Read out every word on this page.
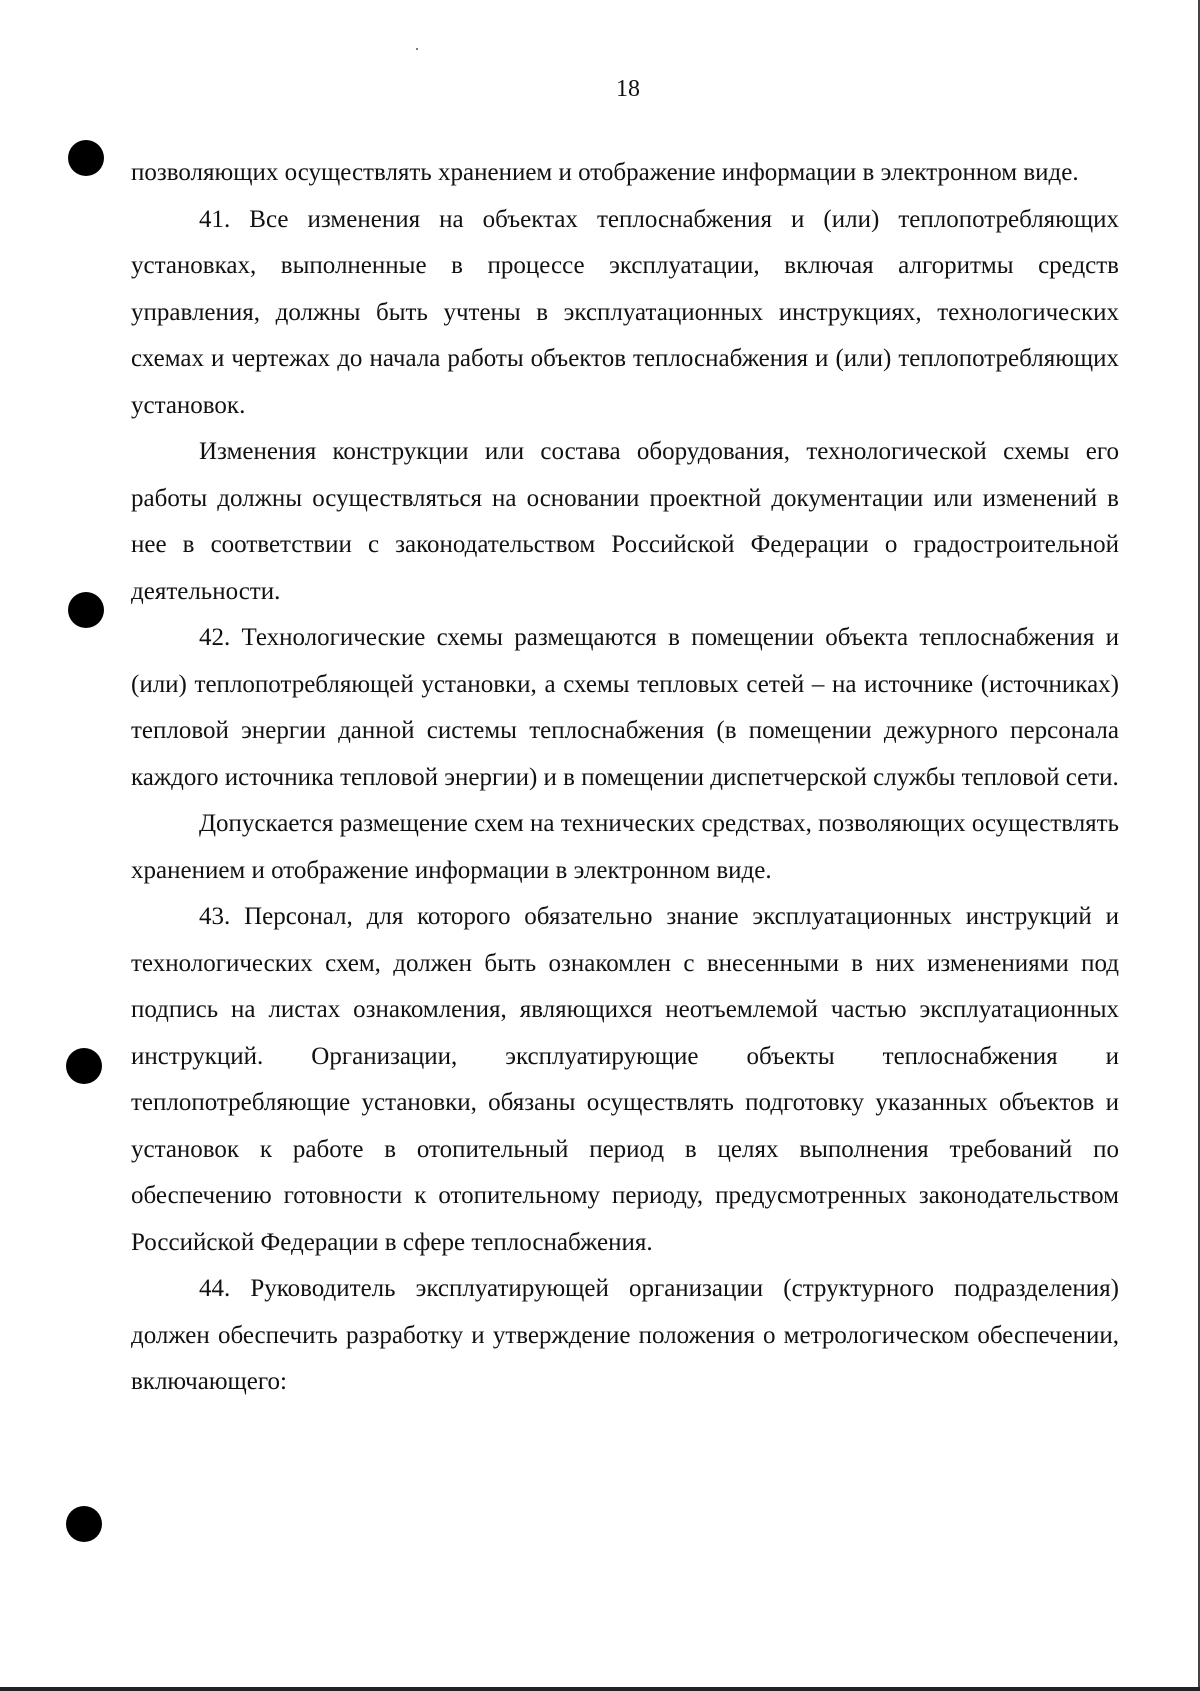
18

позволяющих осуществлять хранением и отображение информации в электронном виде.

41. Все изменения на объектах теплоснабжения и (или) теплопотребляющих установках, выполненные в процессе эксплуатации, включая алгоритмы средств управления, должны быть учтены в эксплуатационных инструкциях, технологических схемах и чертежах до начала работы объектов теплоснабжения и (или) теплопотребляющих установок.

Изменения конструкции или состава оборудования, технологической схемы его работы должны осуществляться на основании проектной документации или изменений в нее в соответствии с законодательством Российской Федерации о градостроительной деятельности.

42. Технологические схемы размещаются в помещении объекта теплоснабжения и (или) теплопотребляющей установки, а схемы тепловых сетей – на источнике (источниках) тепловой энергии данной системы теплоснабжения (в помещении дежурного персонала каждого источника тепловой энергии) и в помещении диспетчерской службы тепловой сети.

Допускается размещение схем на технических средствах, позволяющих осуществлять хранением и отображение информации в электронном виде.

43. Персонал, для которого обязательно знание эксплуатационных инструкций и технологических схем, должен быть ознакомлен с внесенными в них изменениями под подпись на листах ознакомления, являющихся неотъемлемой частью эксплуатационных инструкций. Организации, эксплуатирующие объекты теплоснабжения и теплопотребляющие установки, обязаны осуществлять подготовку указанных объектов и установок к работе в отопительный период в целях выполнения требований по обеспечению готовности к отопительному периоду, предусмотренных законодательством Российской Федерации в сфере теплоснабжения.

44. Руководитель эксплуатирующей организации (структурного подразделения) должен обеспечить разработку и утверждение положения о метрологическом обеспечении, включающего:
